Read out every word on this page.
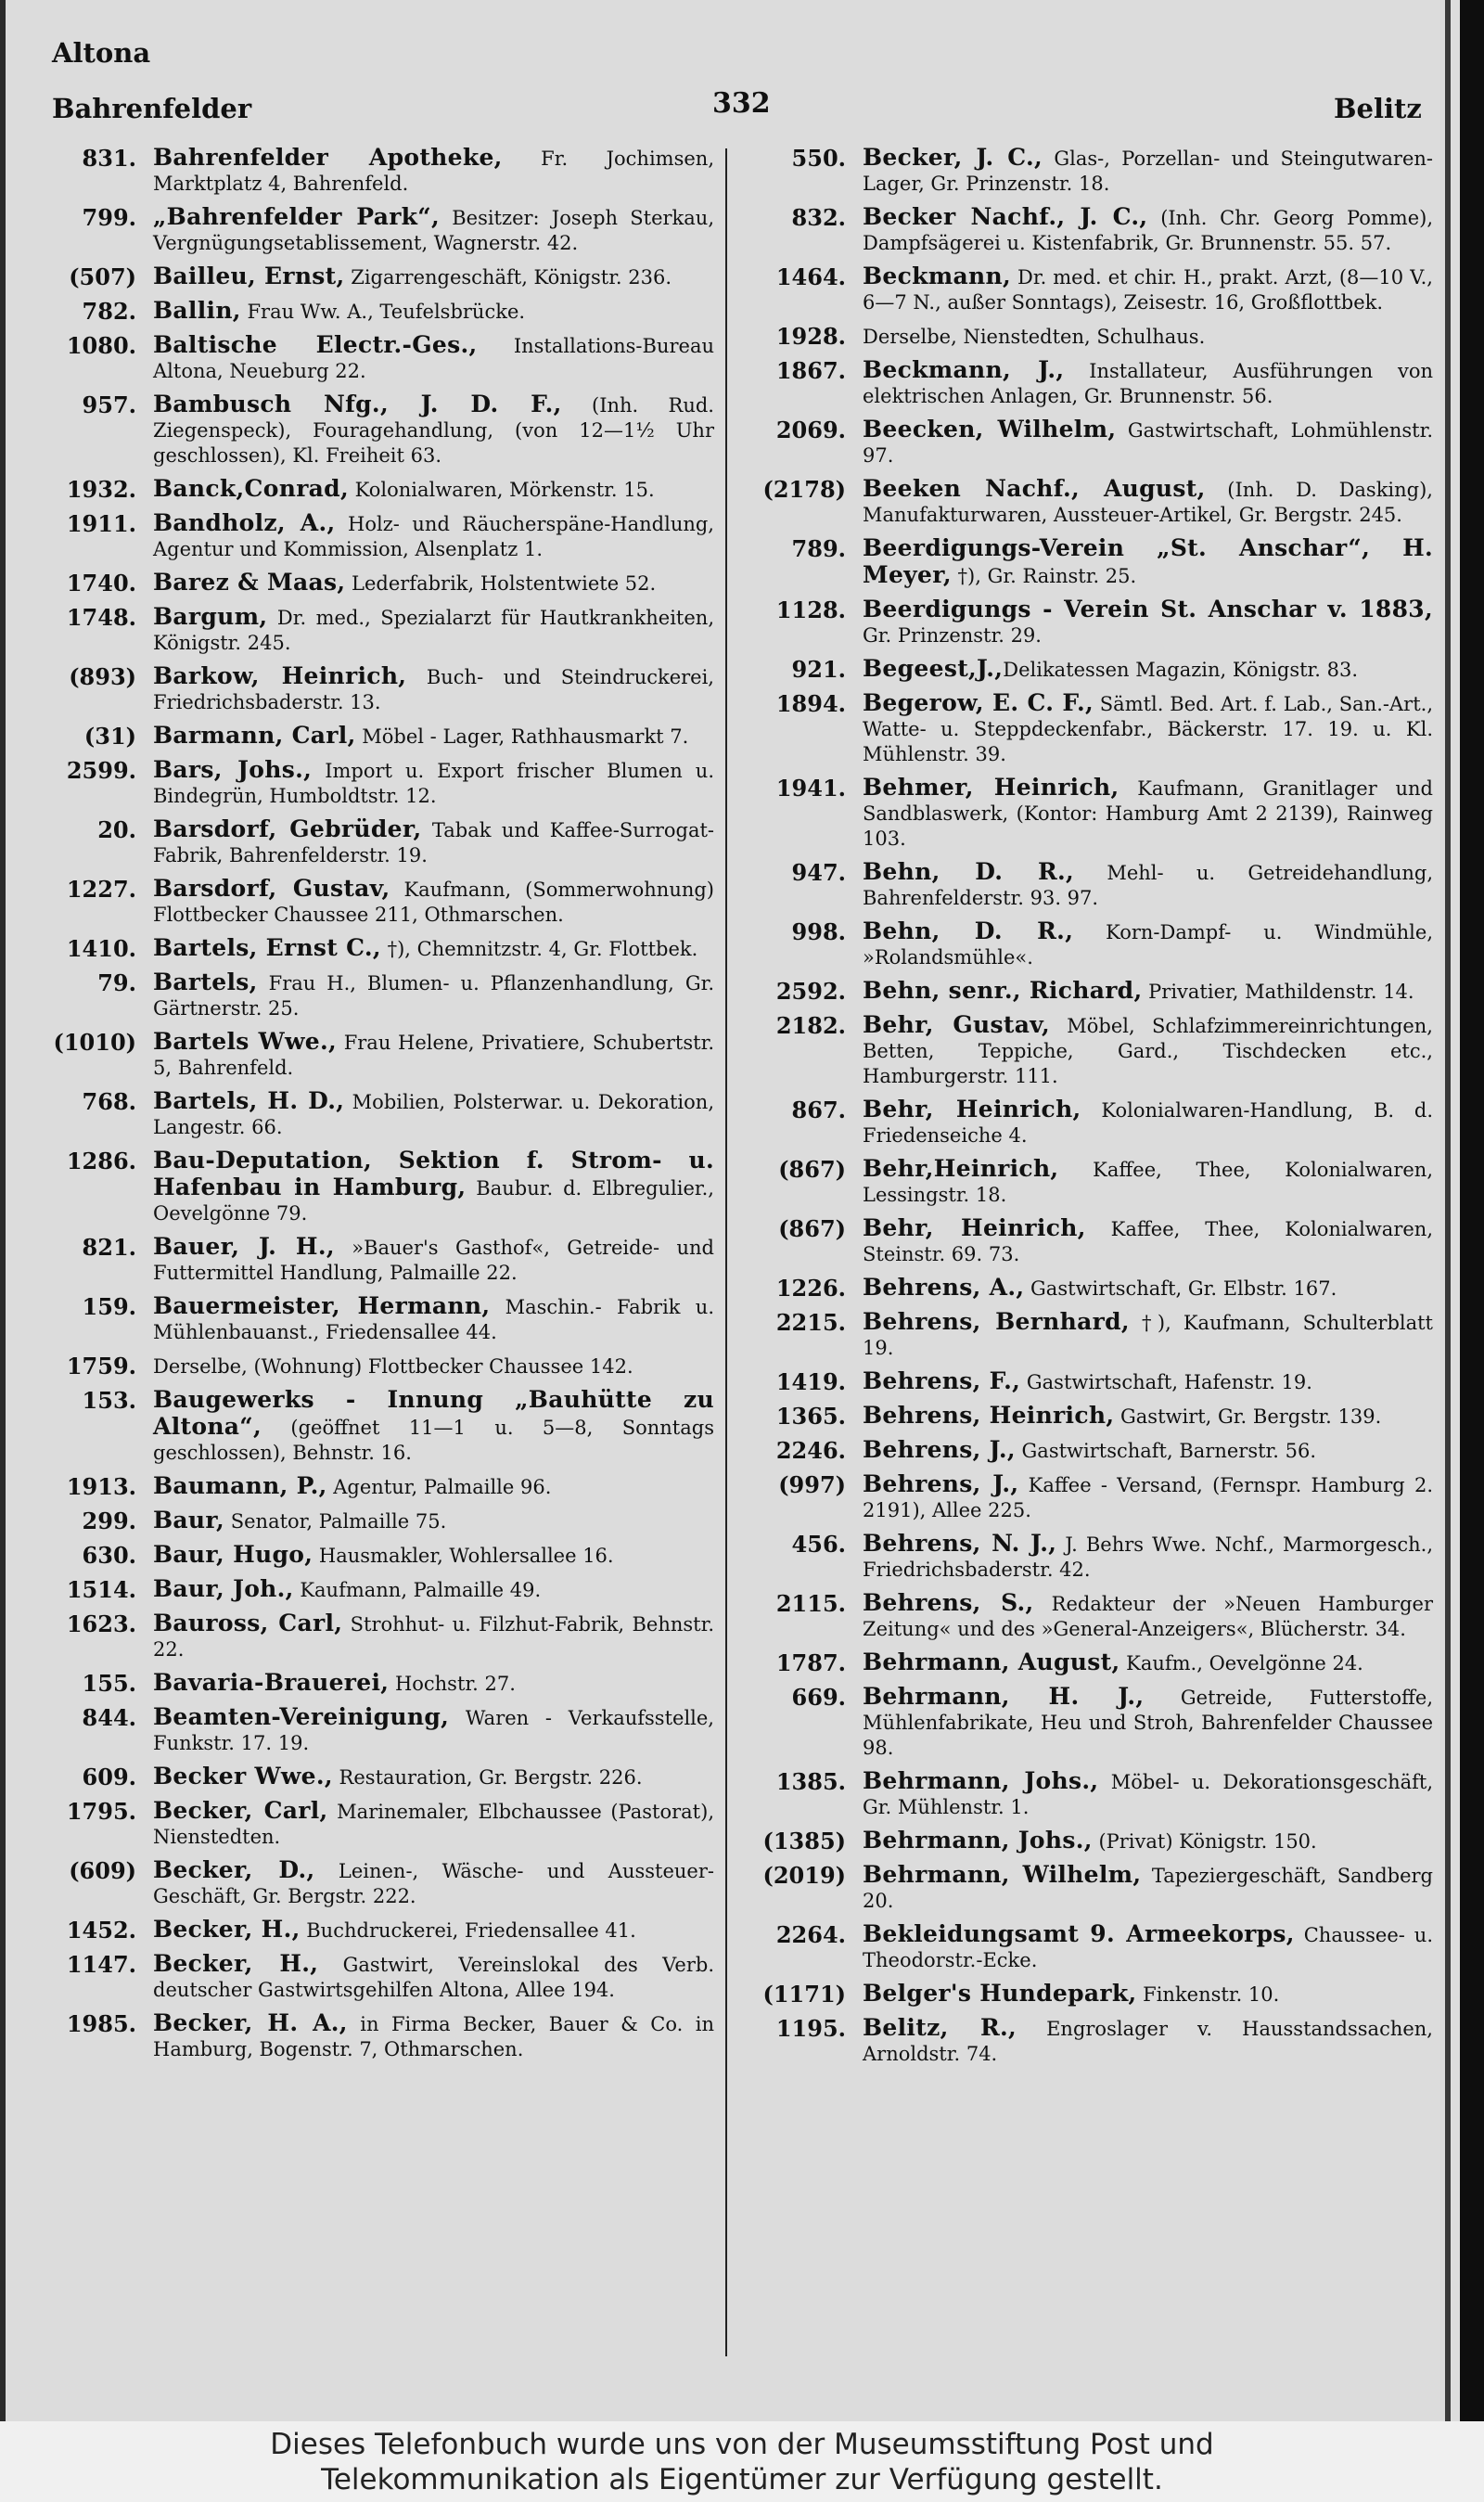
Altona
Bahrenfelder	332	Belitz
831. Bahrenfelder Apotheke, Fr. Jochimsen, Marktplatz 4, Bahrenfeld.
799. „Bahrenfelder Park“, Besitzer: Joseph Sterkau, Vergnügungsetablissement, Wagnerstr. 42.
(507) Bailleu, Ernst, Zigarrengeschäft, Königstr. 236.
782. Ballin, Frau Ww. A., Teufelsbrücke.
1080. Baltische Electr.-Ges., Installations-Bureau Altona, Neueburg 22.
957. Bambusch Nfg., J. D. F., (Inh. Rud. Ziegenspeck), Fouragehandlung, (von 12—1½ Uhr geschlossen), Kl. Freiheit 63.
1932. Banck,Conrad, Kolonialwaren, Mörkenstr. 15.
1911. Bandholz, A., Holz- und Räucherspäne-Handlung, Agentur und Kommission, Alsenplatz 1.
1740. Barez & Maas, Lederfabrik, Holstentwiete 52.
1748. Bargum, Dr. med., Spezialarzt für Hautkrankheiten, Königstr. 245.
(893) Barkow, Heinrich, Buch- und Steindruckerei, Friedrichsbaderstr. 13.
(31) Barmann, Carl, Möbel - Lager, Rathhausmarkt 7.
2599. Bars, Johs., Import u. Export frischer Blumen u. Bindegrün, Humboldtstr. 12.
20. Barsdorf, Gebrüder, Tabak und Kaffee-Surrogat-Fabrik, Bahrenfelderstr. 19.
1227. Barsdorf, Gustav, Kaufmann, (Sommerwohnung) Flottbecker Chaussee 211, Othmarschen.
1410. Bartels, Ernst C., †), Chemnitzstr. 4, Gr. Flottbek.
79. Bartels, Frau H., Blumen- u. Pflanzenhandlung, Gr. Gärtnerstr. 25.
(1010) Bartels Wwe., Frau Helene, Privatiere, Schubertstr. 5, Bahrenfeld.
768. Bartels, H. D., Mobilien, Polsterwar. u. Dekoration, Langestr. 66.
1286. Bau-Deputation, Sektion f. Strom- u. Hafenbau in Hamburg, Baubur. d. Elbregulier., Oevelgönne 79.
821. Bauer, J. H., »Bauer's Gasthof«, Getreide- und Futtermittel Handlung, Palmaille 22.
159. Bauermeister, Hermann, Maschin.- Fabrik u. Mühlenbauanst., Friedensallee 44.
1759. Derselbe, (Wohnung) Flottbecker Chaussee 142.
153. Baugewerks - Innung „Bauhütte zu Altona“, (geöffnet 11—1 u. 5—8, Sonntags geschlossen), Behnstr. 16.
1913. Baumann, P., Agentur, Palmaille 96.
299. Baur, Senator, Palmaille 75.
630. Baur, Hugo, Hausmakler, Wohlersallee 16.
1514. Baur, Joh., Kaufmann, Palmaille 49.
1623. Bauross, Carl, Strohhut- u. Filzhut-Fabrik, Behnstr. 22.
155. Bavaria-Brauerei, Hochstr. 27.
844. Beamten-Vereinigung, Waren - Verkaufsstelle, Funkstr. 17. 19.
609. Becker Wwe., Restauration, Gr. Bergstr. 226.
1795. Becker, Carl, Marinemaler, Elbchaussee (Pastorat), Nienstedten.
(609) Becker, D., Leinen-, Wäsche- und Aussteuer-Geschäft, Gr. Bergstr. 222.
1452. Becker, H., Buchdruckerei, Friedensallee 41.
1147. Becker, H., Gastwirt, Vereinslokal des Verb. deutscher Gastwirtsgehilfen Altona, Allee 194.
1985. Becker, H. A., in Firma Becker, Bauer & Co. in Hamburg, Bogenstr. 7, Othmarschen.
550. Becker, J. C., Glas-, Porzellan- und Steingutwaren-Lager, Gr. Prinzenstr. 18.
832. Becker Nachf., J. C., (Inh. Chr. Georg Pomme), Dampfsägerei u. Kistenfabrik, Gr. Brunnenstr. 55. 57.
1464. Beckmann, Dr. med. et chir. H., prakt. Arzt, (8—10 V., 6—7 N., außer Sonntags), Zeisestr. 16, Großflottbek.
1928. Derselbe, Nienstedten, Schulhaus.
1867. Beckmann, J., Installateur, Ausführungen von elektrischen Anlagen, Gr. Brunnenstr. 56.
2069. Beecken, Wilhelm, Gastwirtschaft, Lohmühlenstr. 97.
(2178) Beeken Nachf., August, (Inh. D. Dasking), Manufakturwaren, Aussteuer-Artikel, Gr. Bergstr. 245.
789. Beerdigungs-Verein „St. Anschar“, H. Meyer, †), Gr. Rainstr. 25.
1128. Beerdigungs - Verein St. Anschar v. 1883, Gr. Prinzenstr. 29.
921. Begeest,J.,Delikatessen Magazin, Königstr. 83.
1894. Begerow, E. C. F., Sämtl. Bed. Art. f. Lab., San.-Art., Watte- u. Steppdeckenfabr., Bäckerstr. 17. 19. u. Kl. Mühlenstr. 39.
1941. Behmer, Heinrich, Kaufmann, Granitlager und Sandblaswerk, (Kontor: Hamburg Amt 2 2139), Rainweg 103.
947. Behn, D. R., Mehl- u. Getreidehandlung, Bahrenfelderstr. 93. 97.
998. Behn, D. R., Korn-Dampf- u. Windmühle, »Rolandsmühle«.
2592. Behn, senr., Richard, Privatier, Mathildenstr. 14.
2182. Behr, Gustav, Möbel, Schlafzimmereinrichtungen, Betten, Teppiche, Gard., Tischdecken etc., Hamburgerstr. 111.
867. Behr, Heinrich, Kolonialwaren-Handlung, B. d. Friedenseiche 4.
(867) Behr,Heinrich, Kaffee, Thee, Kolonialwaren, Lessingstr. 18.
(867) Behr, Heinrich, Kaffee, Thee, Kolonialwaren, Steinstr. 69. 73.
1226. Behrens, A., Gastwirtschaft, Gr. Elbstr. 167.
2215. Behrens, Bernhard, †), Kaufmann, Schulterblatt 19.
1419. Behrens, F., Gastwirtschaft, Hafenstr. 19.
1365. Behrens, Heinrich, Gastwirt, Gr. Bergstr. 139.
2246. Behrens, J., Gastwirtschaft, Barnerstr. 56.
(997) Behrens, J., Kaffee - Versand, (Fernspr. Hamburg 2. 2191), Allee 225.
456. Behrens, N. J., J. Behrs Wwe. Nchf., Marmorgesch., Friedrichsbaderstr. 42.
2115. Behrens, S., Redakteur der »Neuen Hamburger Zeitung« und des »General-Anzeigers«, Blücherstr. 34.
1787. Behrmann, August, Kaufm., Oevelgönne 24.
669. Behrmann, H. J., Getreide, Futterstoffe, Mühlenfabrikate, Heu und Stroh, Bahrenfelder Chaussee 98.
1385. Behrmann, Johs., Möbel- u. Dekorationsgeschäft, Gr. Mühlenstr. 1.
(1385) Behrmann, Johs., (Privat) Königstr. 150.
(2019) Behrmann, Wilhelm, Tapeziergeschäft, Sandberg 20.
2264. Bekleidungsamt 9. Armeekorps, Chaussee- u. Theodorstr.-Ecke.
(1171) Belger's Hundepark, Finkenstr. 10.
1195. Belitz, R., Engroslager v. Hausstandssachen, Arnoldstr. 74.
Dieses Telefonbuch wurde uns von der Museumsstiftung Post und
Telekommunikation als Eigentümer zur Verfügung gestellt.
